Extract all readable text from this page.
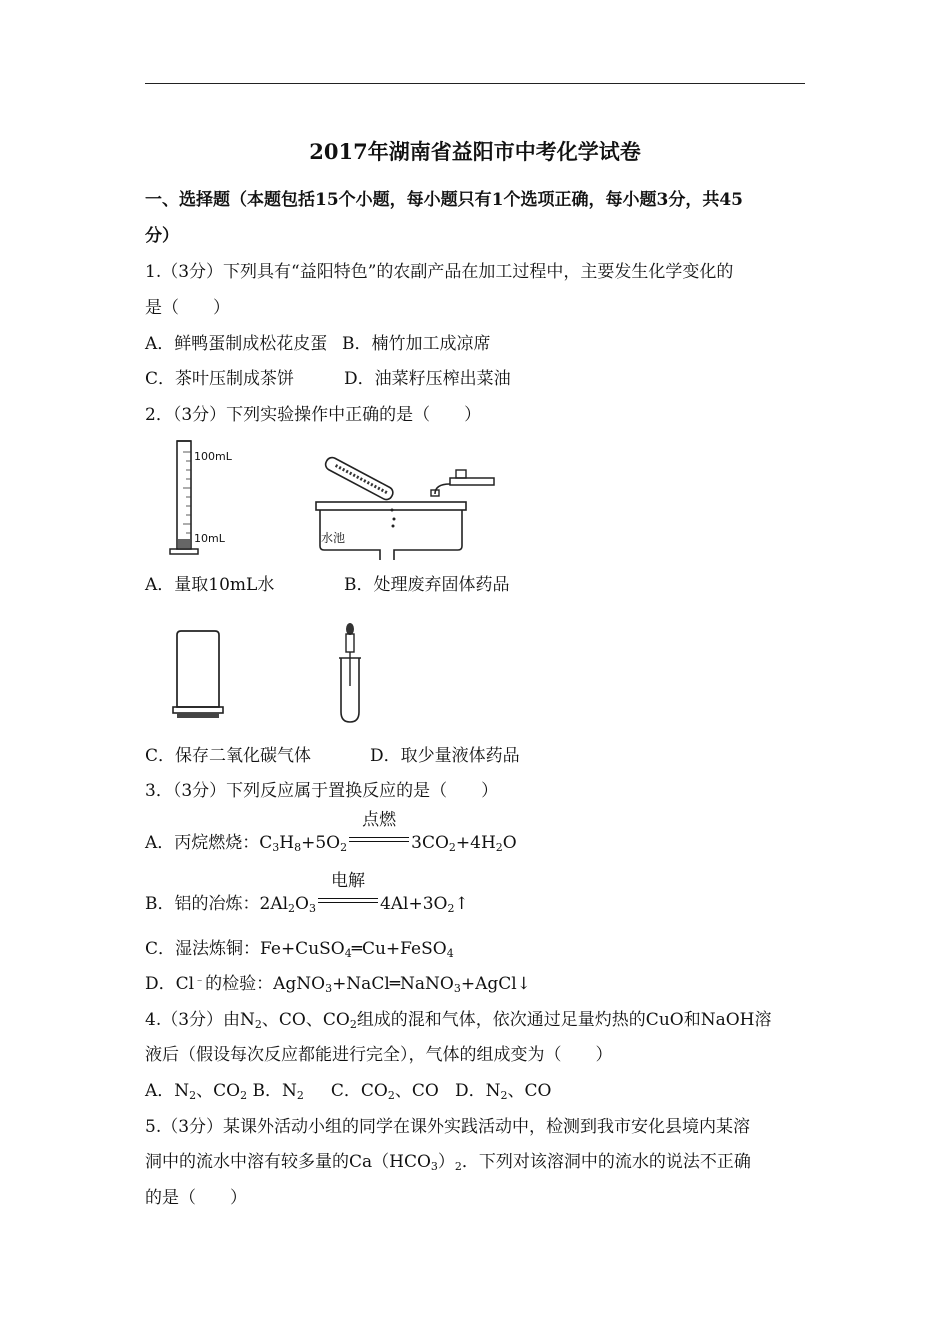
2017年湖南省益阳市中考化学试卷
一、选择题（本题包括15个小题，每小题只有1个选项正确，每小题3分，共45
分）
1.（3分）下列具有“益阳特色”的农副产品在加工过程中，主要发生化学变化的
是（　　）
A．鲜鸭蛋制成松花皮蛋 B．楠竹加工成凉席
C．茶叶压制成茶饼	D．油菜籽压榨出菜油
2．（3分）下列实验操作中正确的是（　　）
100mL
10mL	水池
A．量取10mL水	B．处理废弃固体药品
C．保存二氧化碳气体	D．取少量液体药品
3．（3分）下列反应属于置换反应的是（　　）
A．丙烷燃烧：$C_3H_8+5O_2$
点燃
$3CO_2+4H_2O$
B．铝的冶炼：$2Al_2O_3$
电解
$4Al+3O_2↑$
C．湿法炼铜：Fe+CuSO$_4$═Cu+FeSO$_4$
D．Cl﹣的检验：AgNO$_3$+NaCl═NaNO$_3$+AgCl↓
4.（3分）由$N_2$、CO、$CO_2$组成的混和气体，依次通过足量灼热的CuO和NaOH溶
液后（假设每次反应都能进行完全），气体的组成变为（　　）
A．$N_2$、$CO_2$ B．$N_2$     C．$CO_2$、CO   D．$N_2$、CO
5.（3分）某课外活动小组的同学在课外实践活动中，检测到我市安化县境内某溶
洞中的流水中溶有较多量的$Ca(HCO_3)_2$．下列对该溶洞中的流水的说法不正确
的是（　　）
